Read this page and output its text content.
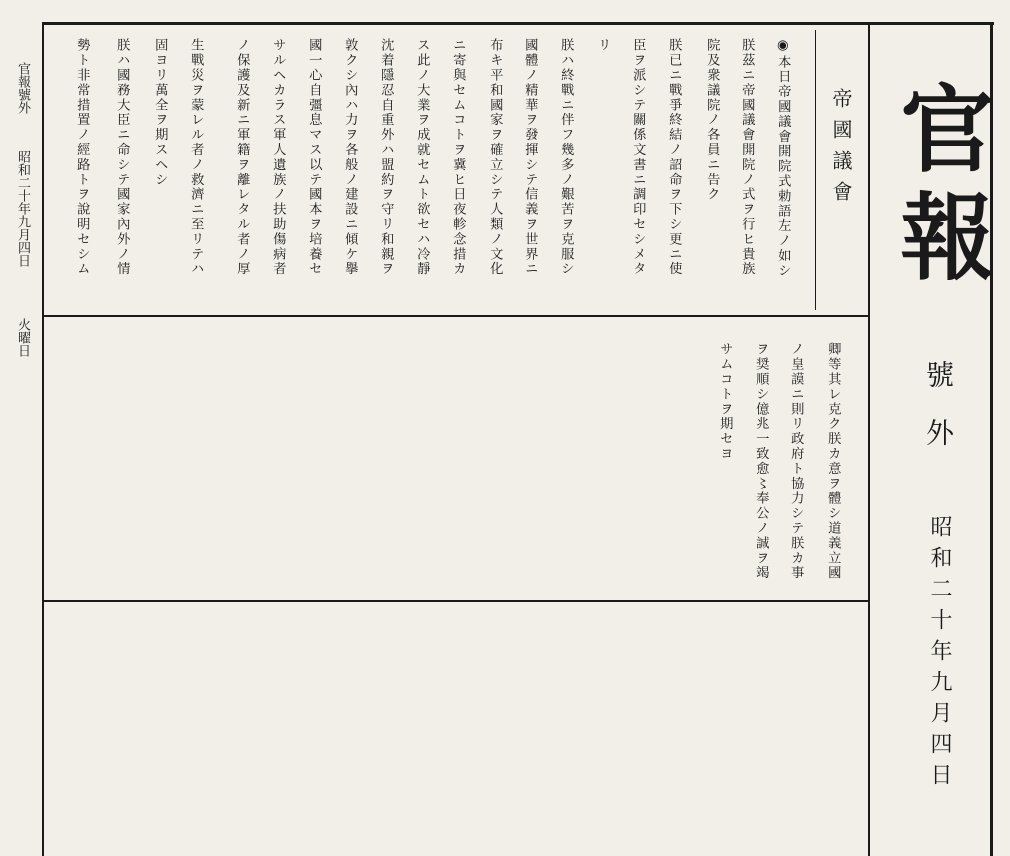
官報
號外
昭和二十年九月四日
官報號外
昭和二十年九月四日
火曜日
帝國議會
◉本日帝國議會開院式勅語左ノ如シ
朕茲ニ帝國議會開院ノ式ヲ行ヒ貴族
院及衆議院ノ各員ニ告ク
朕已ニ戰爭終結ノ詔命ヲ下シ更ニ使
臣ヲ派シテ關係文書ニ調印セシメタ
リ
朕ハ終戰ニ伴フ幾多ノ艱苦ヲ克服シ
國體ノ精華ヲ發揮シテ信義ヲ世界ニ
布キ平和國家ヲ確立シテ人類ノ文化
ニ寄與セムコトヲ冀ヒ日夜軫念措カ
ス此ノ大業ヲ成就セムト欲セハ冷靜
沈着隱忍自重外ハ盟約ヲ守リ和親ヲ
敦クシ內ハ力ヲ各般ノ建設ニ傾ケ擧
國一心自彊息マス以テ國本ヲ培養セ
サルヘカラス軍人遺族ノ扶助傷病者
ノ保護及新ニ軍籍ヲ離レタル者ノ厚
生戰災ヲ蒙レル者ノ救濟ニ至リテハ
固ヨリ萬全ヲ期スヘシ
朕ハ國務大臣ニ命シテ國家內外ノ情
勢ト非常措置ノ經路トヲ說明セシム
卿等其レ克ク朕カ意ヲ體シ道義立國
ノ皇謨ニ則リ政府ト協力シテ朕カ事
ヲ奨順シ億兆一致愈〻奉公ノ誠ヲ竭
サムコトヲ期セヨ
